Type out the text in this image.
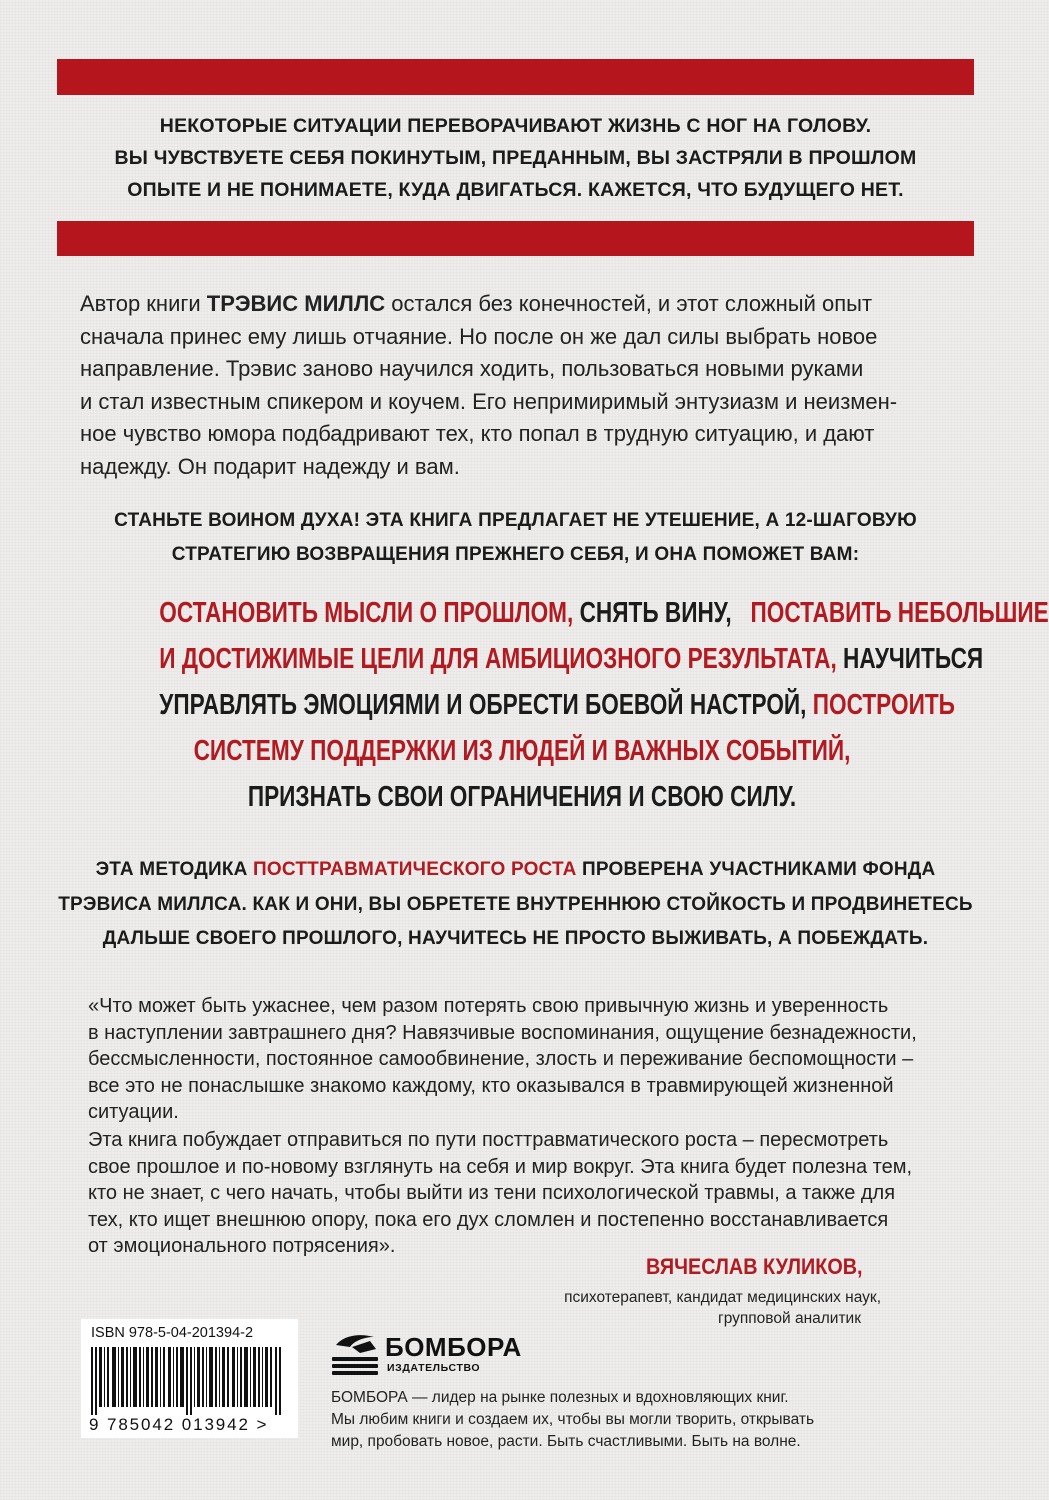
НЕКОТОРЫЕ СИТУАЦИИ ПЕРЕВОРАЧИВАЮТ ЖИЗНЬ С НОГ НА ГОЛОВУ.
ВЫ ЧУВСТВУЕТЕ СЕБЯ ПОКИНУТЫМ, ПРЕДАННЫМ, ВЫ ЗАСТРЯЛИ В ПРОШЛОМ
ОПЫТЕ И НЕ ПОНИМАЕТЕ, КУДА ДВИГАТЬСЯ. КАЖЕТСЯ, ЧТО БУДУЩЕГО НЕТ.
Автор книги ТРЭВИС МИЛЛС остался без конечностей, и этот сложный опыт
сначала принес ему лишь отчаяние. Но после он же дал силы выбрать новое
направление. Трэвис заново научился ходить, пользоваться новыми руками
и стал известным спикером и коучем. Его непримиримый энтузиазм и неизмен-
ное чувство юмора подбадривают тех, кто попал в трудную ситуацию, и дают
надежду. Он подарит надежду и вам.
СТАНЬТЕ ВОИНОМ ДУХА! ЭТА КНИГА ПРЕДЛАГАЕТ НЕ УТЕШЕНИЕ, А 12-ШАГОВУЮ
СТРАТЕГИЮ ВОЗВРАЩЕНИЯ ПРЕЖНЕГО СЕБЯ, И ОНА ПОМОЖЕТ ВАМ:
ОСТАНОВИТЬ МЫСЛИ О ПРОШЛОМ, СНЯТЬ ВИНУ,   ПОСТАВИТЬ НЕБОЛЬШИЕ
И ДОСТИЖИМЫЕ ЦЕЛИ ДЛЯ АМБИЦИОЗНОГО РЕЗУЛЬТАТА, НАУЧИТЬСЯ
УПРАВЛЯТЬ ЭМОЦИЯМИ И ОБРЕСТИ БОЕВОЙ НАСТРОЙ, ПОСТРОИТЬ
СИСТЕМУ ПОДДЕРЖКИ ИЗ ЛЮДЕЙ И ВАЖНЫХ СОБЫТИЙ,
ПРИЗНАТЬ СВОИ ОГРАНИЧЕНИЯ И СВОЮ СИЛУ.
ЭТА МЕТОДИКА ПОСТТРАВМАТИЧЕСКОГО РОСТА ПРОВЕРЕНА УЧАСТНИКАМИ ФОНДА
ТРЭВИСА МИЛЛСА. КАК И ОНИ, ВЫ ОБРЕТЕТЕ ВНУТРЕННЮЮ СТОЙКОСТЬ И ПРОДВИНЕТЕСЬ
ДАЛЬШЕ СВОЕГО ПРОШЛОГО, НАУЧИТЕСЬ НЕ ПРОСТО ВЫЖИВАТЬ, А ПОБЕЖДАТЬ.
«Что может быть ужаснее, чем разом потерять свою привычную жизнь и уверенность
в наступлении завтрашнего дня? Навязчивые воспоминания, ощущение безнадежности,
бессмысленности, постоянное самообвинение, злость и переживание беспомощности –
все это не понаслышке знакомо каждому, кто оказывался в травмирующей жизненной
ситуации.
Эта книга побуждает отправиться по пути посттравматического роста – пересмотреть
свое прошлое и по-новому взглянуть на себя и мир вокруг. Эта книга будет полезна тем,
кто не знает, с чего начать, чтобы выйти из тени психологической травмы, а также для
тех, кто ищет внешнюю опору, пока его дух сломлен и постепенно восстанавливается
от эмоционального потрясения».
ВЯЧЕСЛАВ КУЛИКОВ,
психотерапевт, кандидат медицинских наук,
групповой аналитик
ISBN 978-5-04-201394-2
9 785042 013942 >
БОМБОРА
ИЗДАТЕЛЬСТВО
БОМБОРА — лидер на рынке полезных и вдохновляющих книг.
Мы любим книги и создаем их, чтобы вы могли творить, открывать
мир, пробовать новое, расти. Быть счастливыми. Быть на волне.
